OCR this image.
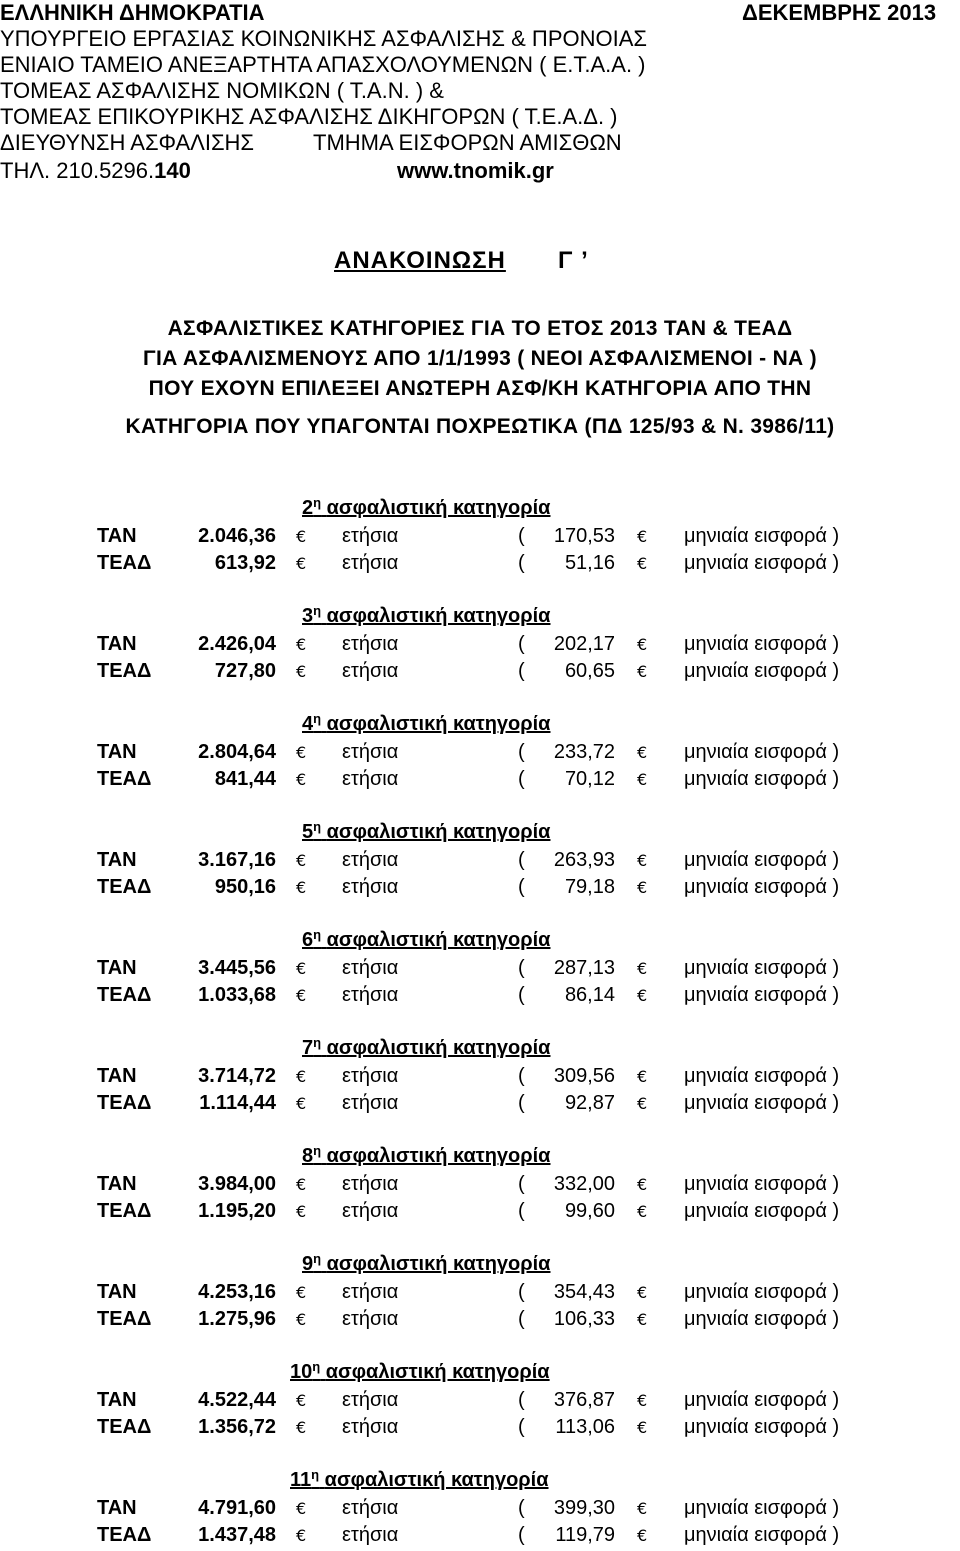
ΕΛΛΗΝΙΚΗ ΔΗΜΟΚΡΑΤΙΑ	ΔΕΚΕΜΒΡΗΣ 2013
ΥΠΟΥΡΓΕΙΟ ΕΡΓΑΣΙΑΣ ΚΟΙΝΩΝΙΚΗΣ ΑΣΦΑΛΙΣΗΣ & ΠΡΟΝΟΙΑΣ
ΕΝΙΑΙΟ ΤΑΜΕΙΟ ΑΝΕΞΑΡΤΗΤΑ ΑΠΑΣΧΟΛΟΥΜΕΝΩΝ ( Ε.Τ.Α.Α. )
ΤΟΜΕΑΣ ΑΣΦΑΛΙΣΗΣ ΝΟΜΙΚΩΝ ( Τ.Α.Ν. ) &
ΤΟΜΕΑΣ ΕΠΙΚΟΥΡΙΚΗΣ ΑΣΦΑΛΙΣΗΣ ΔΙΚΗΓΟΡΩΝ ( Τ.Ε.Α.Δ. )
ΔΙΕΥΘΥΝΣΗ ΑΣΦΑΛΙΣΗΣ	ΤΜΗΜΑ ΕΙΣΦΟΡΩΝ ΑΜΙΣΘΩΝ
ΤΗΛ. 210.5296.140	www.tnomik.gr
ΑΝΑΚΟΙΝΩΣΗ Γ ’
ΑΣΦΑΛΙΣΤΙΚΕΣ ΚΑΤΗΓΟΡΙΕΣ ΓΙΑ ΤΟ ΕΤΟΣ 2013 ΤΑΝ & ΤΕΑΔ
ΓΙΑ ΑΣΦΑΛΙΣΜΕΝΟΥΣ ΑΠΟ 1/1/1993 ( ΝΕΟΙ ΑΣΦΑΛΙΣΜΕΝΟΙ - ΝΑ )
ΠΟΥ ΕΧΟΥΝ ΕΠΙΛΕΞΕΙ ΑΝΩΤΕΡΗ ΑΣΦ/ΚΗ ΚΑΤΗΓΟΡΙΑ ΑΠΟ ΤΗΝ
ΚΑΤΗΓΟΡΙΑ ΠΟΥ ΥΠΑΓΟΝΤΑΙ ΠΟΧΡΕΩΤΙΚΑ (ΠΔ 125/93 & Ν. 3986/11)
$2^\eta$ ασφαλιστική κατηγορία
ΤΑΝ	2.046,36 € ετήσια	(	170,53 € μηνιαία εισφορά )
ΤΕΑΔ	613,92 € ετήσια	(	51,16 € μηνιαία εισφορά )
$3^\eta$ ασφαλιστική κατηγορία
ΤΑΝ	2.426,04 € ετήσια	(	202,17 € μηνιαία εισφορά )
ΤΕΑΔ	727,80 € ετήσια	(	60,65 € μηνιαία εισφορά )
$4^\eta$ ασφαλιστική κατηγορία
ΤΑΝ	2.804,64 € ετήσια	(	233,72 € μηνιαία εισφορά )
ΤΕΑΔ	841,44 € ετήσια	(	70,12 € μηνιαία εισφορά )
$5^\eta$ ασφαλιστική κατηγορία
ΤΑΝ	3.167,16 € ετήσια	(	263,93 € μηνιαία εισφορά )
ΤΕΑΔ	950,16 € ετήσια	(	79,18 € μηνιαία εισφορά )
$6^\eta$ ασφαλιστική κατηγορία
ΤΑΝ	3.445,56 € ετήσια	(	287,13 € μηνιαία εισφορά )
ΤΕΑΔ	1.033,68 € ετήσια	(	86,14 € μηνιαία εισφορά )
$7^\eta$ ασφαλιστική κατηγορία
ΤΑΝ	3.714,72 € ετήσια	(	309,56 € μηνιαία εισφορά )
ΤΕΑΔ	1.114,44 € ετήσια	(	92,87 € μηνιαία εισφορά )
$8^\eta$ ασφαλιστική κατηγορία
ΤΑΝ	3.984,00 € ετήσια	(	332,00 € μηνιαία εισφορά )
ΤΕΑΔ	1.195,20 € ετήσια	(	99,60 € μηνιαία εισφορά )
$9^\eta$ ασφαλιστική κατηγορία
ΤΑΝ	4.253,16 € ετήσια	(	354,43 € μηνιαία εισφορά )
ΤΕΑΔ	1.275,96 € ετήσια	(	106,33 € μηνιαία εισφορά )
$10^\eta$ ασφαλιστική κατηγορία
ΤΑΝ	4.522,44 € ετήσια	(	376,87 € μηνιαία εισφορά )
ΤΕΑΔ	1.356,72 € ετήσια	(	113,06 € μηνιαία εισφορά )
$11^\eta$ ασφαλιστική κατηγορία
ΤΑΝ	4.791,60 € ετήσια	(	399,30 € μηνιαία εισφορά )
ΤΕΑΔ	1.437,48 € ετήσια	(	119,79 € μηνιαία εισφορά )
